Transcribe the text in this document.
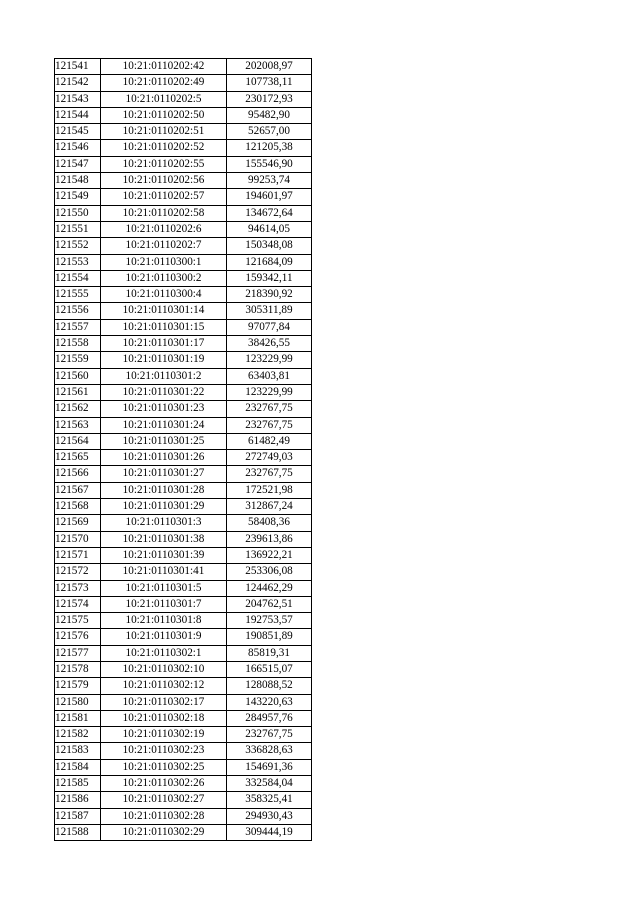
121541	10:21:0110202:42	202008,97
121542	10:21:0110202:49	107738,11
121543	10:21:0110202:5	230172,93
121544	10:21:0110202:50	95482,90
121545	10:21:0110202:51	52657,00
121546	10:21:0110202:52	121205,38
121547	10:21:0110202:55	155546,90
121548	10:21:0110202:56	99253,74
121549	10:21:0110202:57	194601,97
121550	10:21:0110202:58	134672,64
121551	10:21:0110202:6	94614,05
121552	10:21:0110202:7	150348,08
121553	10:21:0110300:1	121684,09
121554	10:21:0110300:2	159342,11
121555	10:21:0110300:4	218390,92
121556	10:21:0110301:14	305311,89
121557	10:21:0110301:15	97077,84
121558	10:21:0110301:17	38426,55
121559	10:21:0110301:19	123229,99
121560	10:21:0110301:2	63403,81
121561	10:21:0110301:22	123229,99
121562	10:21:0110301:23	232767,75
121563	10:21:0110301:24	232767,75
121564	10:21:0110301:25	61482,49
121565	10:21:0110301:26	272749,03
121566	10:21:0110301:27	232767,75
121567	10:21:0110301:28	172521,98
121568	10:21:0110301:29	312867,24
121569	10:21:0110301:3	58408,36
121570	10:21:0110301:38	239613,86
121571	10:21:0110301:39	136922,21
121572	10:21:0110301:41	253306,08
121573	10:21:0110301:5	124462,29
121574	10:21:0110301:7	204762,51
121575	10:21:0110301:8	192753,57
121576	10:21:0110301:9	190851,89
121577	10:21:0110302:1	85819,31
121578	10:21:0110302:10	166515,07
121579	10:21:0110302:12	128088,52
121580	10:21:0110302:17	143220,63
121581	10:21:0110302:18	284957,76
121582	10:21:0110302:19	232767,75
121583	10:21:0110302:23	336828,63
121584	10:21:0110302:25	154691,36
121585	10:21:0110302:26	332584,04
121586	10:21:0110302:27	358325,41
121587	10:21:0110302:28	294930,43
121588	10:21:0110302:29	309444,19
